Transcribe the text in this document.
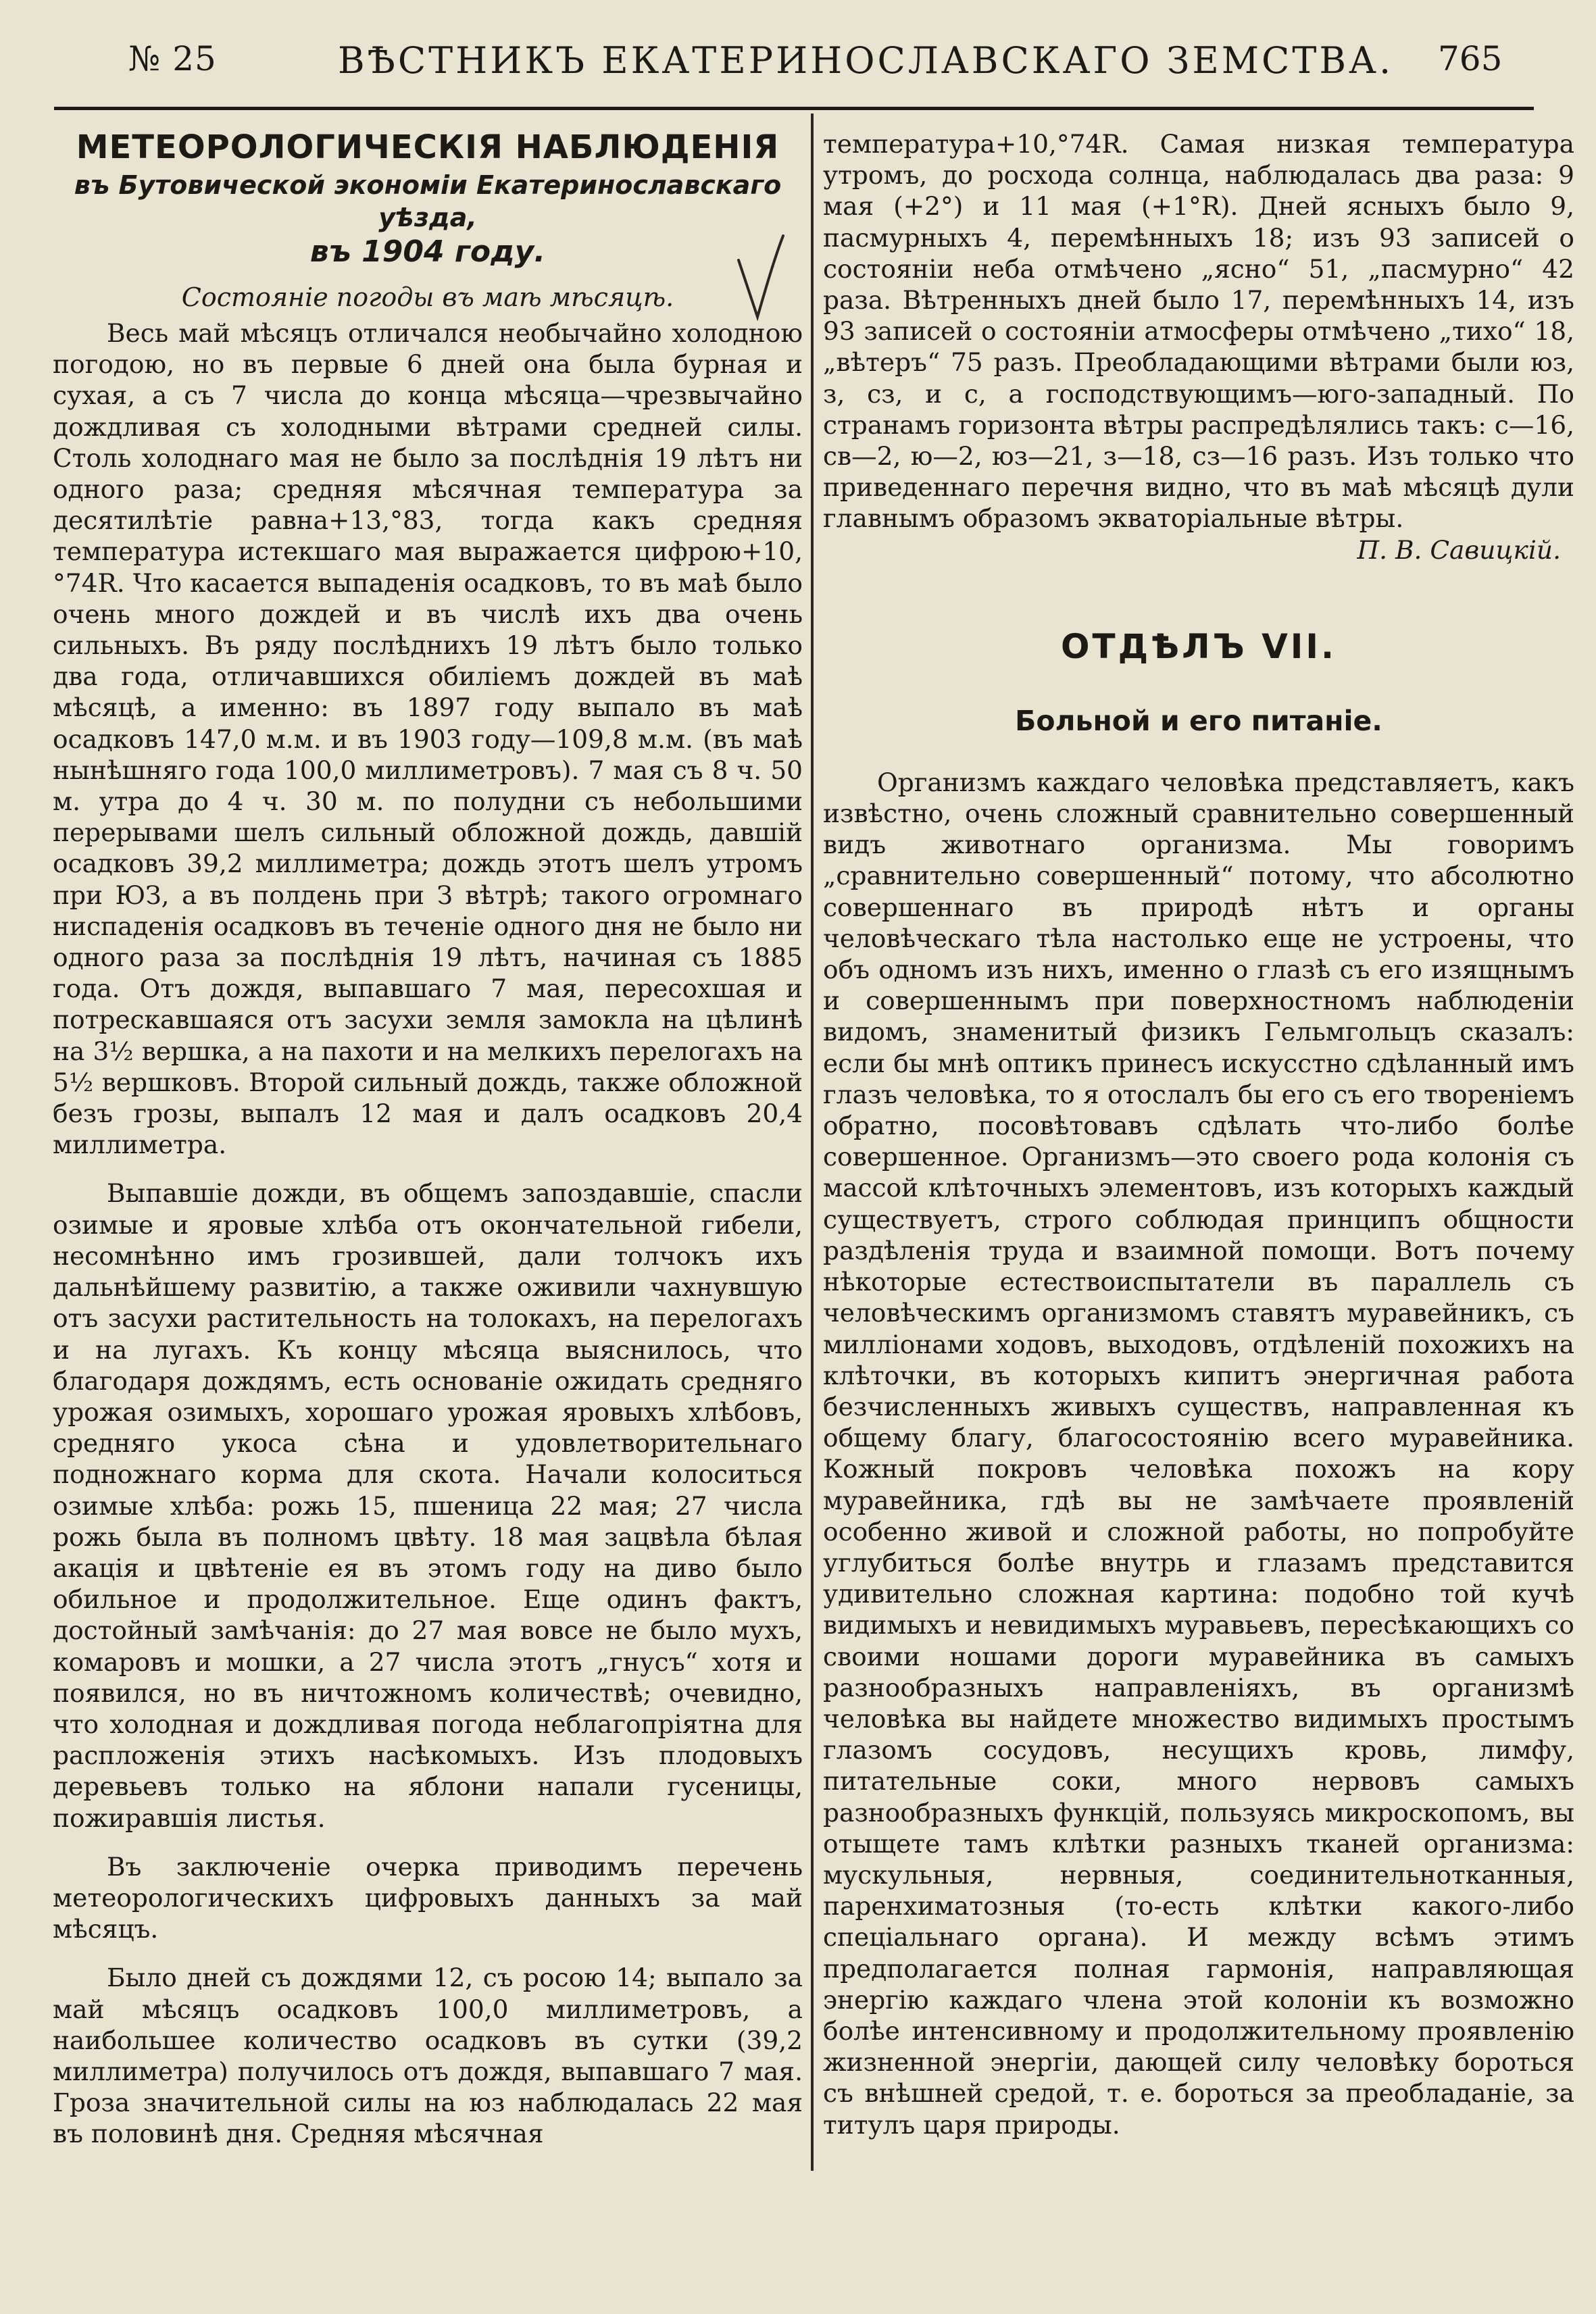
№ 25	ВѢСТНИКЪ ЕКАТЕРИНОСЛАВСКАГО ЗЕМСТВА. 765
МЕТЕОРОЛОГИЧЕСКІЯ НАБЛЮДЕНІЯ
въ Бутовической экономіи Екатеринославскаго уѣзда,
въ 1904 году.
Состояніе погоды въ маѣ мѣсяцѣ.

Весь май мѣсяцъ отличался необычайно холодною погодою, но въ первые 6 дней она была бурная и сухая, а съ 7 числа до конца мѣсяца—чрезвычайно дождливая съ холодными вѣтрами средней силы. Столь холоднаго мая не было за послѣднія 19 лѣтъ ни одного раза; средняя мѣсячная температура за десятилѣтіе равна+13,°83, тогда какъ средняя температура истекшаго мая выражается цифрою+10,°74R. Что касается выпаденія осадковъ, то въ маѣ было очень много дождей и въ числѣ ихъ два очень сильныхъ. Въ ряду послѣднихъ 19 лѣтъ было только два года, отличавшихся обиліемъ дождей въ маѣ мѣсяцѣ, а именно: въ 1897 году выпало въ маѣ осадковъ 147,0 м.м. и въ 1903 году—109,8 м.м. (въ маѣ нынѣшняго года 100,0 миллиметровъ). 7 мая съ 8 ч. 50 м. утра до 4 ч. 30 м. по полудни съ небольшими перерывами шелъ сильный обложной дождь, давшій осадковъ 39,2 миллиметра; дождь этотъ шелъ утромъ при ЮЗ, а въ полдень при З вѣтрѣ; такого огромнаго ниспаденія осадковъ въ теченіе одного дня не было ни одного раза за послѣднія 19 лѣтъ, начиная съ 1885 года. Отъ дождя, выпавшаго 7 мая, пересохшая и потрескавшаяся отъ засухи земля замокла на цѣлинѣ на 3½ вершка, а на пахоти и на мелкихъ перелогахъ на 5½ вершковъ. Второй сильный дождь, также обложной безъ грозы, выпалъ 12 мая и далъ осадковъ 20,4 миллиметра.

Выпавшіе дожди, въ общемъ запоздавшіе, спасли озимые и яровые хлѣба отъ окончательной гибели, несомнѣнно имъ грозившей, дали толчокъ ихъ дальнѣйшему развитію, а также оживили чахнувшую отъ засухи растительность на толокахъ, на перелогахъ и на лугахъ. Къ концу мѣсяца выяснилось, что благодаря дождямъ, есть основаніе ожидать средняго урожая озимыхъ, хорошаго урожая яровыхъ хлѣбовъ, средняго укоса сѣна и удовлетворительнаго подножнаго корма для скота. Начали колоситься озимые хлѣба: рожь 15, пшеница 22 мая; 27 числа рожь была въ полномъ цвѣту. 18 мая зацвѣла бѣлая акація и цвѣтеніе ея въ этомъ году на диво было обильное и продолжительное. Еще одинъ фактъ, достойный замѣчанія: до 27 мая вовсе не было мухъ, комаровъ и мошки, а 27 числа этотъ „гнусъ“ хотя и появился, но въ ничтожномъ количествѣ; очевидно, что холодная и дождливая погода неблагопріятна для распложенія этихъ насѣкомыхъ. Изъ плодовыхъ деревьевъ только на яблони напали гусеницы, пожиравшія листья.

Въ заключеніе очерка приводимъ перечень метеорологическихъ цифровыхъ данныхъ за май мѣсяцъ.

Было дней съ дождями 12, съ росою 14; выпало за май мѣсяцъ осадковъ 100,0 миллиметровъ, а наибольшее количество осадковъ въ сутки (39,2 миллиметра) получилось отъ дождя, выпавшаго 7 мая. Гроза значительной силы на юз наблюдалась 22 мая въ половинѣ дня. Средняя мѣсячная

температура+10,°74R. Самая низкая температура утромъ, до росхода солнца, наблюдалась два раза: 9 мая (+2°) и 11 мая (+1°R). Дней ясныхъ было 9, пасмурныхъ 4, перемѣнныхъ 18; изъ 93 записей о состояніи неба отмѣчено „ясно“ 51, „пасмурно“ 42 раза. Вѣтренныхъ дней было 17, перемѣнныхъ 14, изъ 93 записей о состояніи атмосферы отмѣчено „тихо“ 18, „вѣтеръ“ 75 разъ. Преобладающими вѣтрами были юз, з, сз, и с, а господствующимъ—юго-западный. По странамъ горизонта вѣтры распредѣлялись такъ: с—16, св—2, ю—2, юз—21, з—18, сз—16 разъ. Изъ только что приведеннаго перечня видно, что въ маѣ мѣсяцѣ дули главнымъ образомъ экваторіальные вѣтры.

П. В. Савицкій.
ОТДѢЛЪ VII.
Больной и его питаніе.

Организмъ каждаго человѣка представляетъ, какъ извѣстно, очень сложный сравнительно совершенный видъ животнаго организма. Мы говоримъ „сравнительно совершенный“ потому, что абсолютно совершеннаго въ природѣ нѣтъ и органы человѣческаго тѣла настолько еще не устроены, что объ одномъ изъ нихъ, именно о глазѣ съ его изящнымъ и совершеннымъ при поверхностномъ наблюденіи видомъ, знаменитый физикъ Гельмгольцъ сказалъ: если бы мнѣ оптикъ принесъ искусстно сдѣланный имъ глазъ человѣка, то я отослалъ бы его съ его твореніемъ обратно, посовѣтовавъ сдѣлать что-либо болѣе совершенное. Организмъ—это своего рода колонія съ массой клѣточныхъ элементовъ, изъ которыхъ каждый существуетъ, строго соблюдая принципъ общности раздѣленія труда и взаимной помощи. Вотъ почему нѣкоторые естествоиспытатели въ параллель съ человѣческимъ организмомъ ставятъ муравейникъ, съ милліонами ходовъ, выходовъ, отдѣленій похожихъ на клѣточки, въ которыхъ кипитъ энергичная работа безчисленныхъ живыхъ существъ, направленная къ общему благу, благосостоянію всего муравейника. Кожный покровъ человѣка похожъ на кору муравейника, гдѣ вы не замѣчаете проявленій особенно живой и сложной работы, но попробуйте углубиться болѣе внутрь и глазамъ представится удивительно сложная картина: подобно той кучѣ видимыхъ и невидимыхъ муравьевъ, пересѣкающихъ со своими ношами дороги муравейника въ самыхъ разнообразныхъ направленіяхъ, въ организмѣ человѣка вы найдете множество видимыхъ простымъ глазомъ сосудовъ, несущихъ кровь, лимфу, питательные соки, много нервовъ самыхъ разнообразныхъ функцій, пользуясь микроскопомъ, вы отыщете тамъ клѣтки разныхъ тканей организма: мускульныя, нервныя, соединительнотканныя, паренхиматозныя (то-есть клѣтки какого-либо спеціальнаго органа). И между всѣмъ этимъ предполагается полная гармонія, направляющая энергію каждаго члена этой колоніи къ возможно болѣе интенсивному и продолжительному проявленію жизненной энергіи, дающей силу человѣку бороться съ внѣшней средой, т. е. бороться за преобладаніе, за титулъ царя природы.
